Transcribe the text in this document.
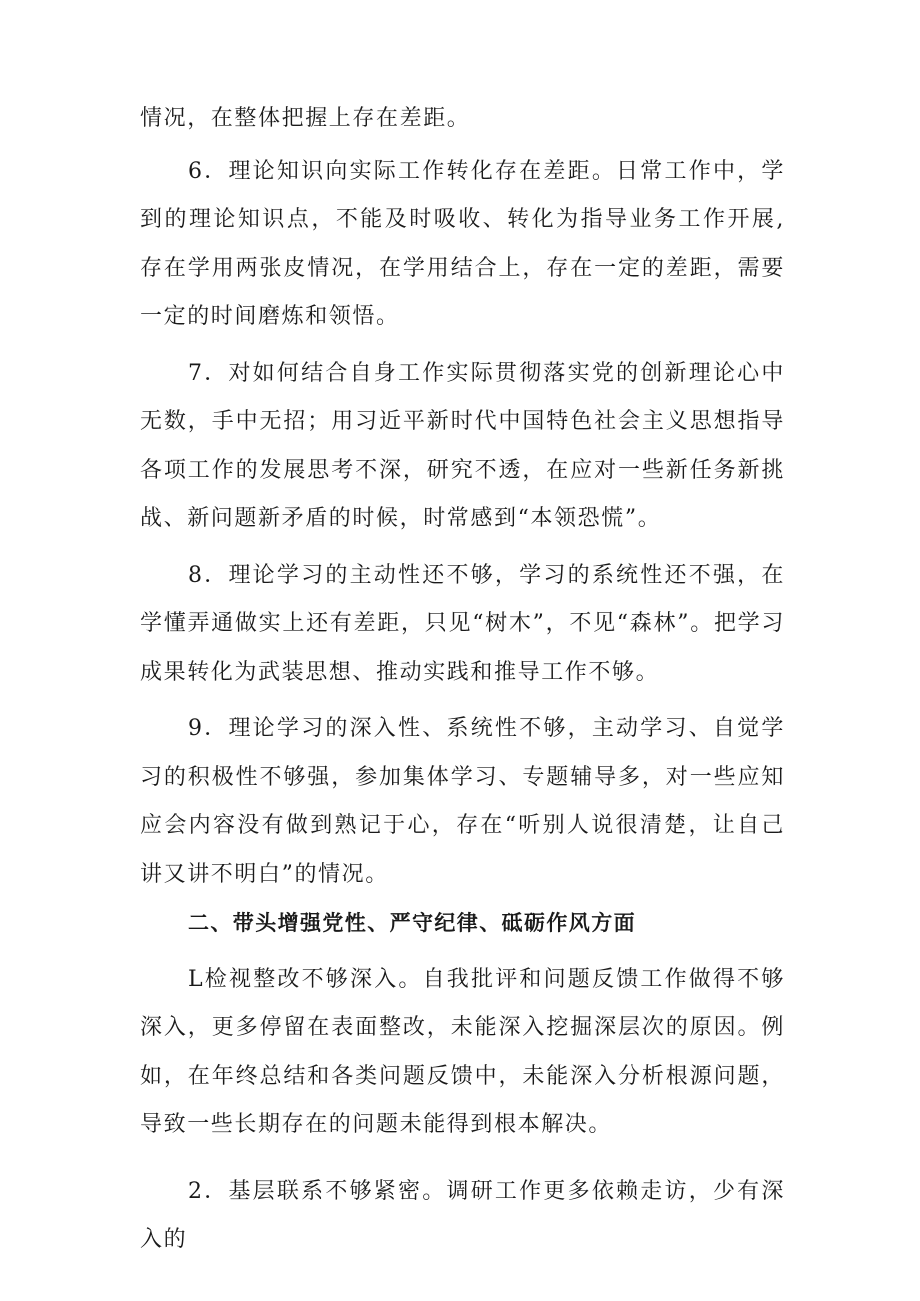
情况，在整体把握上存在差距。

6．理论知识向实际工作转化存在差距。日常工作中，学到的理论知识点，不能及时吸收、转化为指导业务工作开展,存在学用两张皮情况，在学用结合上，存在一定的差距，需要一定的时间磨炼和领悟。

7．对如何结合自身工作实际贯彻落实党的创新理论心中无数，手中无招；用习近平新时代中国特色社会主义思想指导各项工作的发展思考不深，研究不透，在应对一些新任务新挑战、新问题新矛盾的时候，时常感到“本领恐慌”。

8．理论学习的主动性还不够，学习的系统性还不强，在学懂弄通做实上还有差距，只见“树木”，不见“森林”。把学习成果转化为武装思想、推动实践和推导工作不够。

9．理论学习的深入性、系统性不够，主动学习、自觉学习的积极性不够强，参加集体学习、专题辅导多，对一些应知应会内容没有做到熟记于心，存在“听别人说很清楚，让自己讲又讲不明白”的情况。

二、带头增强党性、严守纪律、砥砺作风方面

L检视整改不够深入。自我批评和问题反馈工作做得不够深入，更多停留在表面整改，未能深入挖掘深层次的原因。例如，在年终总结和各类问题反馈中，未能深入分析根源问题，导致一些长期存在的问题未能得到根本解决。

2．基层联系不够紧密。调研工作更多依赖走访，少有深入的
